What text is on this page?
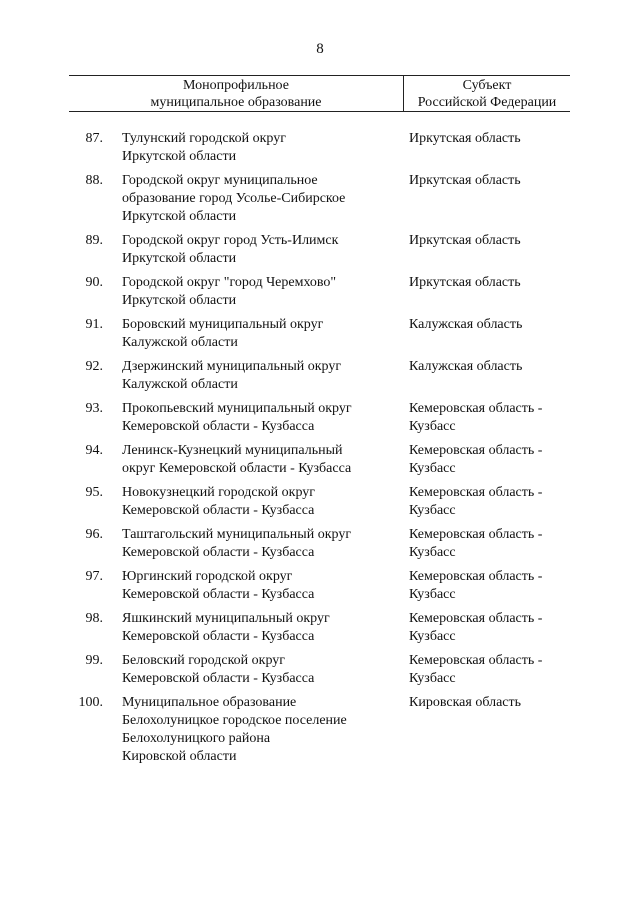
8
Монопрофильное
муниципальное образование
Субъект
Российской Федерации
87. Тулунский городской округ
Иркутской области
Иркутская область
88. Городской округ муниципальное
образование город Усолье-Сибирское
Иркутской области
Иркутская область
89. Городской округ город Усть-Илимск
Иркутской области
Иркутская область
90. Городской округ "город Черемхово"
Иркутской области
Иркутская область
91. Боровский муниципальный округ
Калужской области
Калужская область
92. Дзержинский муниципальный округ
Калужской области
Калужская область
93. Прокопьевский муниципальный округ
Кемеровской области - Кузбасса
Кемеровская область -
Кузбасс
94. Ленинск-Кузнецкий муниципальный
округ Кемеровской области - Кузбасса
Кемеровская область -
Кузбасс
95. Новокузнецкий городской округ
Кемеровской области - Кузбасса
Кемеровская область -
Кузбасс
96. Таштагольский муниципальный округ
Кемеровской области - Кузбасса
Кемеровская область -
Кузбасс
97. Юргинский городской округ
Кемеровской области - Кузбасса
Кемеровская область -
Кузбасс
98. Яшкинский муниципальный округ
Кемеровской области - Кузбасса
Кемеровская область -
Кузбасс
99. Беловский городской округ
Кемеровской области - Кузбасса
Кемеровская область -
Кузбасс
100. Муниципальное образование
Белохолуницкое городское поселение
Белохолуницкого района
Кировской области
Кировская область
